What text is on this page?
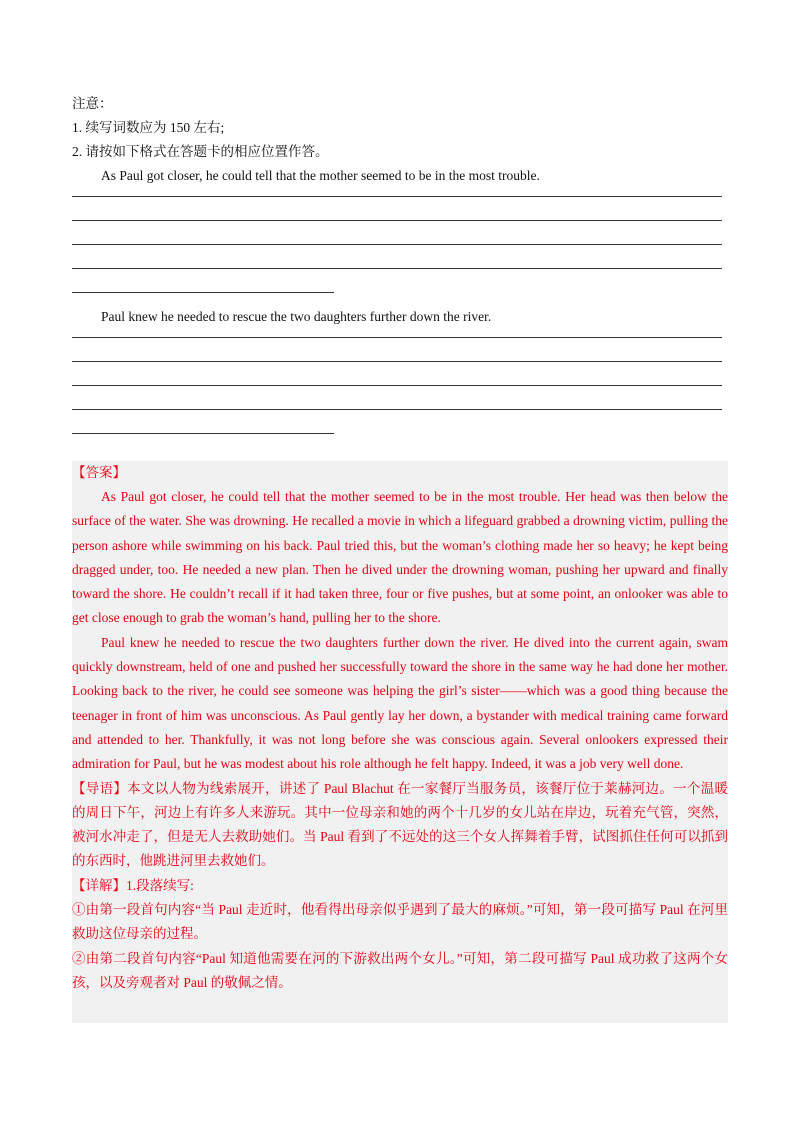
注意：
1. 续写词数应为 150 左右;
2. 请按如下格式在答题卡的相应位置作答。
As Paul got closer, he could tell that the mother seemed to be in the most trouble.
Paul knew he needed to rescue the two daughters further down the river.

【答案】

As Paul got closer, he could tell that the mother seemed to be in the most trouble. Her head was then below the surface of the water. She was drowning. He recalled a movie in which a lifeguard grabbed a drowning victim, pulling the person ashore while swimming on his back. Paul tried this, but the woman’s clothing made her so heavy; he kept being dragged under, too. He needed a new plan. Then he dived under the drowning woman, pushing her upward and finally toward the shore. He couldn’t recall if it had taken three, four or five pushes, but at some point, an onlooker was able to get close enough to grab the woman’s hand, pulling her to the shore.

Paul knew he needed to rescue the two daughters further down the river. He dived into the current again, swam quickly downstream, held of one and pushed her successfully toward the shore in the same way he had done her mother. Looking back to the river, he could see someone was helping the girl’s sister——which was a good thing because the teenager in front of him was unconscious. As Paul gently lay her down, a bystander with medical training came forward and attended to her. Thankfully, it was not long before she was conscious again. Several onlookers expressed their admiration for Paul, but he was modest about his role although he felt happy. Indeed, it was a job very well done.

【导语】本文以人物为线索展开，讲述了 Paul Blachut 在一家餐厅当服务员，该餐厅位于莱赫河边。一个温暖的周日下午，河边上有许多人来游玩。其中一位母亲和她的两个十几岁的女儿站在岸边，玩着充气管，突然，被河水冲走了，但是无人去救助她们。当 Paul 看到了不远处的这三个女人挥舞着手臂，试图抓住任何可以抓到的东西时，他跳进河里去救她们。

【详解】1.段落续写:

①由第一段首句内容“当 Paul 走近时，他看得出母亲似乎遇到了最大的麻烦。”可知，第一段可描写 Paul 在河里救助这位母亲的过程。

②由第二段首句内容“Paul 知道他需要在河的下游救出两个女儿。”可知，第二段可描写 Paul 成功救了这两个女孩，以及旁观者对 Paul 的敬佩之情。
